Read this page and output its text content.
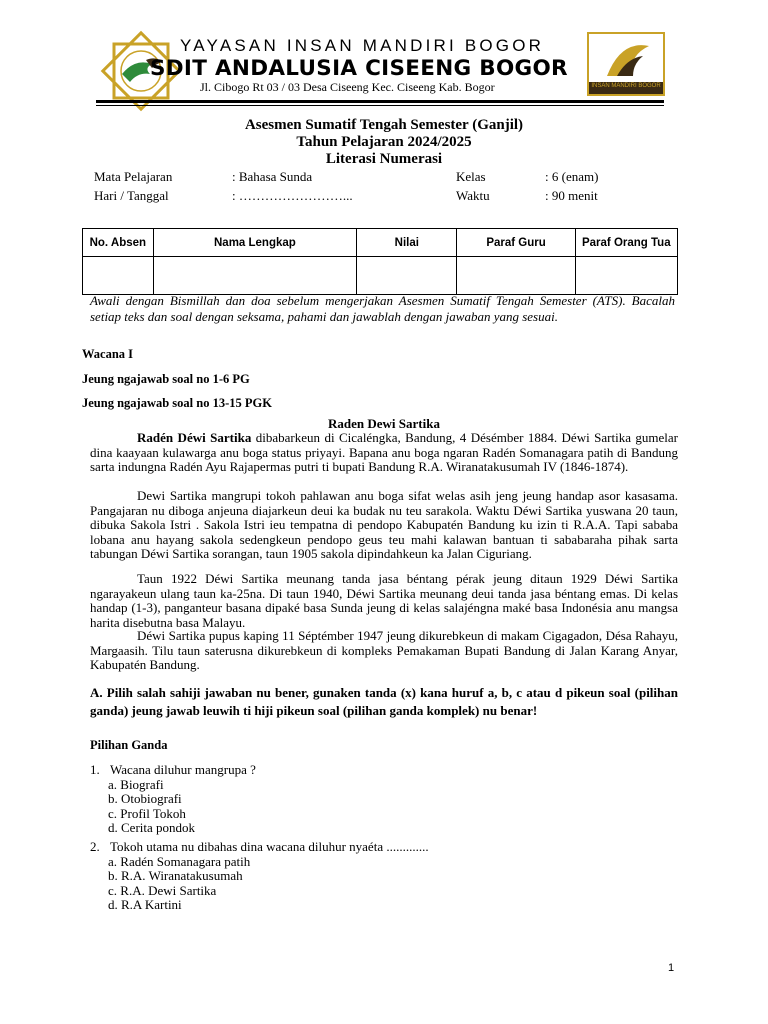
INSAN MANDIRI BOGOR
YAYASAN INSAN MANDIRI BOGOR
SDIT ANDALUSIA CISEENG BOGOR
Jl. Cibogo Rt 03 / 03 Desa Ciseeng Kec. Ciseeng Kab. Bogor
Asesmen Sumatif Tengah Semester (Ganjil)
Tahun Pelajaran 2024/2025
Literasi Numerasi
Mata Pelajaran	: Bahasa Sunda	Kelas	: 6 (enam)
Hari / Tanggal	: ……………………...	Waktu	: 90 menit
No. Absen	Nama Lengkap	Nilai	Paraf Guru	Paraf Orang Tua

Awali dengan Bismillah dan doa sebelum mengerjakan Asesmen Sumatif Tengah Semester (ATS). Bacalah setiap teks dan soal dengan seksama, pahami dan jawablah dengan jawaban yang sesuai.
Wacana I
Jeung ngajawab soal no 1-6 PG
Jeung ngajawab soal no 13-15 PGK
Raden Dewi Sartika
Radén Déwi Sartika dibabarkeun di Cicaléngka, Bandung, 4 Désémber 1884. Déwi Sartika gumelar dina kaayaan kulawarga anu boga status priyayi. Bapana anu boga ngaran Radén Somanagara patih di Bandung sarta indungna Radén Ayu Rajapermas putri ti bupati Bandung R.A. Wiranatakusumah IV (1846-1874).
Dewi Sartika mangrupi tokoh pahlawan anu boga sifat welas asih jeng jeung handap asor kasasama. Pangajaran nu diboga anjeuna diajarkeun deui ka budak nu teu sarakola. Waktu Déwi Sartika yuswana 20 taun, dibuka Sakola Istri . Sakola Istri ieu tempatna di pendopo Kabupatén Bandung ku izin ti R.A.A. Tapi sababa lobana anu hayang sakola sedengkeun pendopo geus teu mahi kalawan bantuan ti sababaraha pihak sarta tabungan Déwi Sartika sorangan, taun 1905 sakola dipindahkeun ka Jalan Ciguriang.
Taun 1922 Déwi Sartika meunang tanda jasa béntang pérak jeung ditaun 1929 Déwi Sartika ngarayakeun ulang taun ka-25na. Di taun 1940, Déwi Sartika meunang deui tanda jasa béntang emas. Di kelas handap (1-3), panganteur basana dipaké basa Sunda jeung di kelas salajéngna maké basa Indonésia anu mangsa harita disebutna basa Malayu.
Déwi Sartika pupus kaping 11 Séptémber 1947 jeung dikurebkeun di makam Cigagadon, Désa Rahayu, Margaasih. Tilu taun saterusna dikurebkeun di kompleks Pemakaman Bupati Bandung di Jalan Karang Anyar, Kabupatén Bandung.
A. Pilih salah sahiji jawaban nu bener, gunaken tanda (x) kana huruf a, b, c atau d pikeun soal (pilihan ganda) jeung jawab leuwih ti hiji pikeun soal (pilihan ganda komplek) nu benar!
Pilihan Ganda
1. Wacana diluhur mangrupa ?
a. Biografi
b. Otobiografi
c. Profil Tokoh
d. Cerita pondok
2. Tokoh utama nu dibahas dina wacana diluhur nyaéta .............
a. Radén Somanagara patih
b. R.A. Wiranatakusumah
c. R.A. Dewi Sartika
d. R.A Kartini
1
